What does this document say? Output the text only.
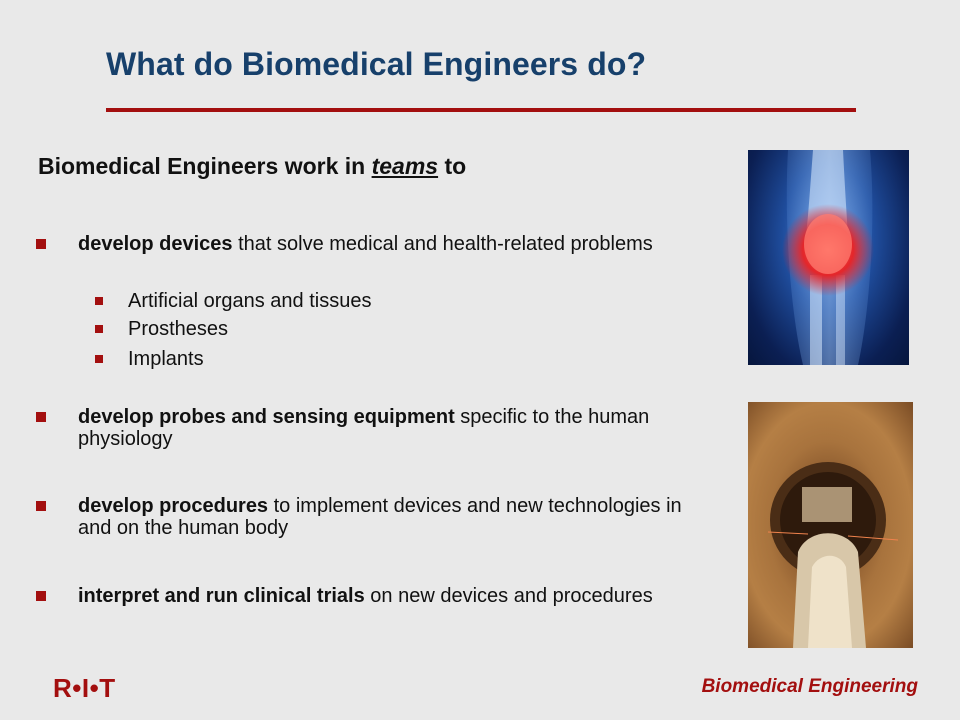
What do Biomedical Engineers do?
Biomedical Engineers work in teams to
develop devices that solve medical and health-related problems
Artificial organs and tissues
Prostheses
Implants
develop probes and sensing equipment specific to the human physiology
develop procedures to implement devices and new technologies in and on the human body
interpret and run clinical trials on new devices and procedures
R•I•T	Biomedical Engineering
